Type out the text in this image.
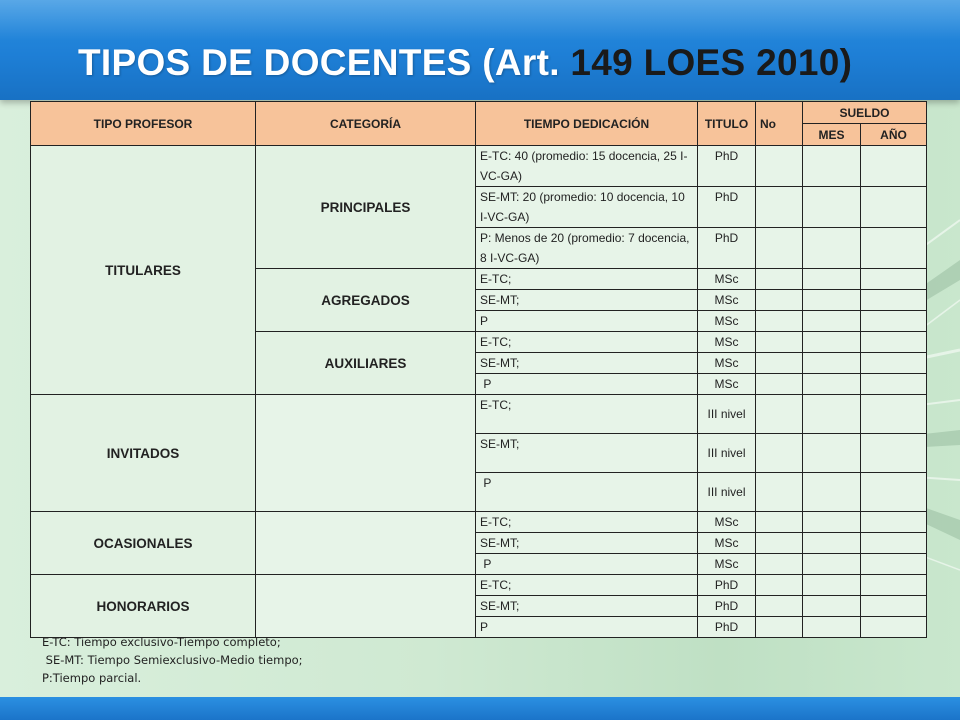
TIPOS DE DOCENTES (Art. 149 LOES 2010)
TIPO PROFESOR	CATEGORÍA	TIEMPO DEDICACIÓN	TITULO	No	SUELDO	
					MES	AÑO
TITULARES	PRINCIPALES	E-TC: 40 (promedio: 15 docencia, 25 I-VC-GA)	PhD			
		SE-MT: 20 (promedio: 10 docencia, 10 I-VC-GA)	PhD			
		P: Menos de 20 (promedio: 7 docencia, 8 I-VC-GA)	PhD			
	AGREGADOS	E-TC;	MSc			
		SE-MT;	MSc			
		P	MSc			
	AUXILIARES	E-TC;	MSc			
		SE-MT;	MSc			
		P	MSc			
INVITADOS		E-TC;	III nivel			
		SE-MT;	III nivel			
		P	III nivel			
OCASIONALES		E-TC;	MSc			
		SE-MT;	MSc			
		P	MSc			
HONORARIOS		E-TC;	PhD			
		SE-MT;	PhD			
		P	PhD			
E-TC: Tiempo exclusivo-Tiempo completo;
SE-MT: Tiempo Semiexclusivo-Medio tiempo;
P:Tiempo parcial.
